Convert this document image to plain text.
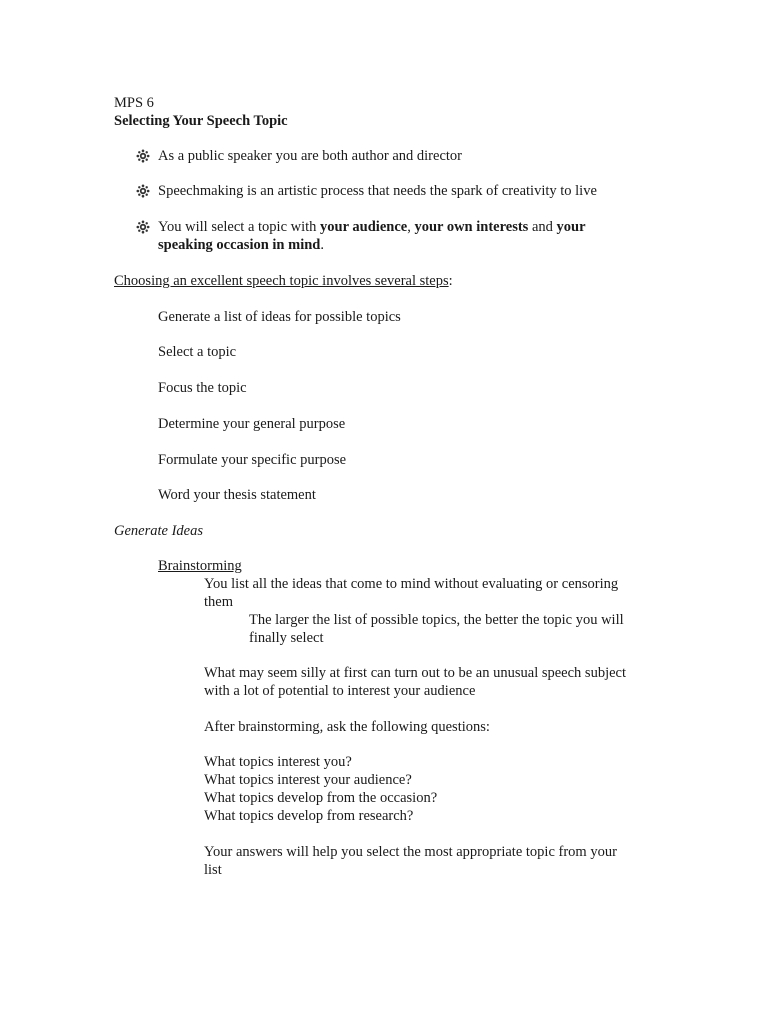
MPS 6
Selecting Your Speech Topic
As a public speaker you are both author and director
Speechmaking is an artistic process that needs the spark of creativity to live
You will select a topic with your audience, your own interests and your
speaking occasion in mind.
Choosing an excellent speech topic involves several steps:
Generate a list of ideas for possible topics
Select a topic
Focus the topic
Determine your general purpose
Formulate your specific purpose
Word your thesis statement
Generate Ideas
Brainstorming
You list all the ideas that come to mind without evaluating or censoring
them
The larger the list of possible topics, the better the topic you will
finally select
What may seem silly at first can turn out to be an unusual speech subject
with a lot of potential to interest your audience
After brainstorming, ask the following questions:
What topics interest you?
What topics interest your audience?
What topics develop from the occasion?
What topics develop from research?
Your answers will help you select the most appropriate topic from your
list
